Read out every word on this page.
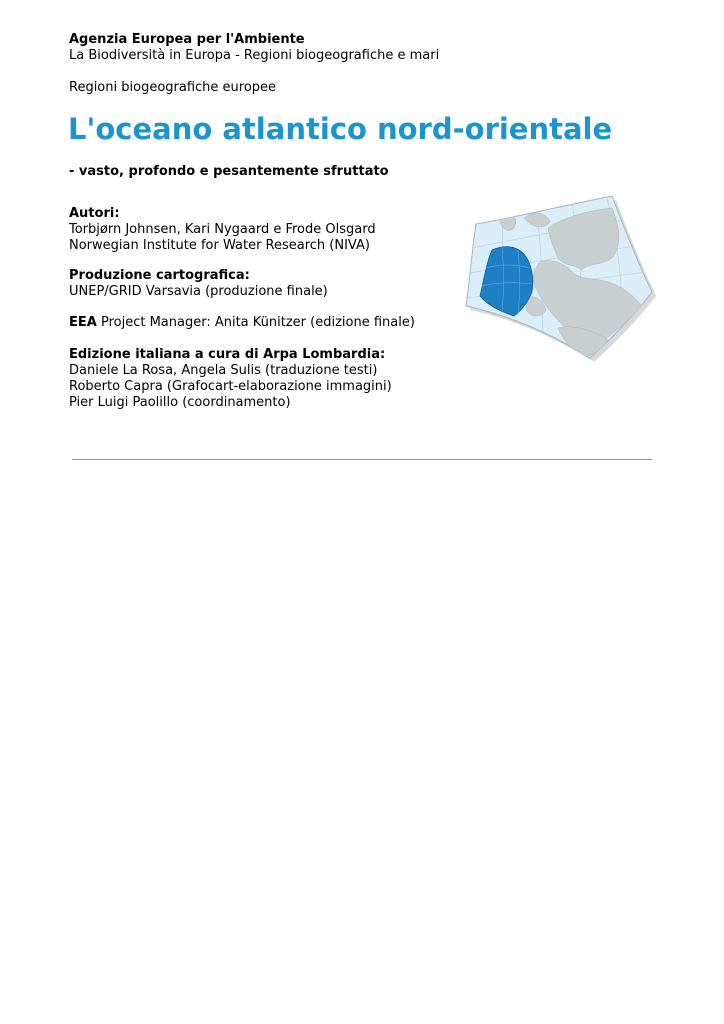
Agenzia Europea per l'Ambiente
La Biodiversità in Europa - Regioni biogeografiche e mari
Regioni biogeografiche europee
L'oceano atlantico nord-orientale
- vasto, profondo e pesantemente sfruttato
Autori:
Torbjørn Johnsen, Kari Nygaard e Frode Olsgard
Norwegian Institute for Water Research (NIVA)
Produzione cartografica:
UNEP/GRID Varsavia (produzione finale)
EEA Project Manager: Anita Künitzer (edizione finale)
Edizione italiana a cura di Arpa Lombardia:
Daniele La Rosa, Angela Sulis (traduzione testi)
Roberto Capra (Grafocart-elaborazione immagini)
Pier Luigi Paolillo (coordinamento)
